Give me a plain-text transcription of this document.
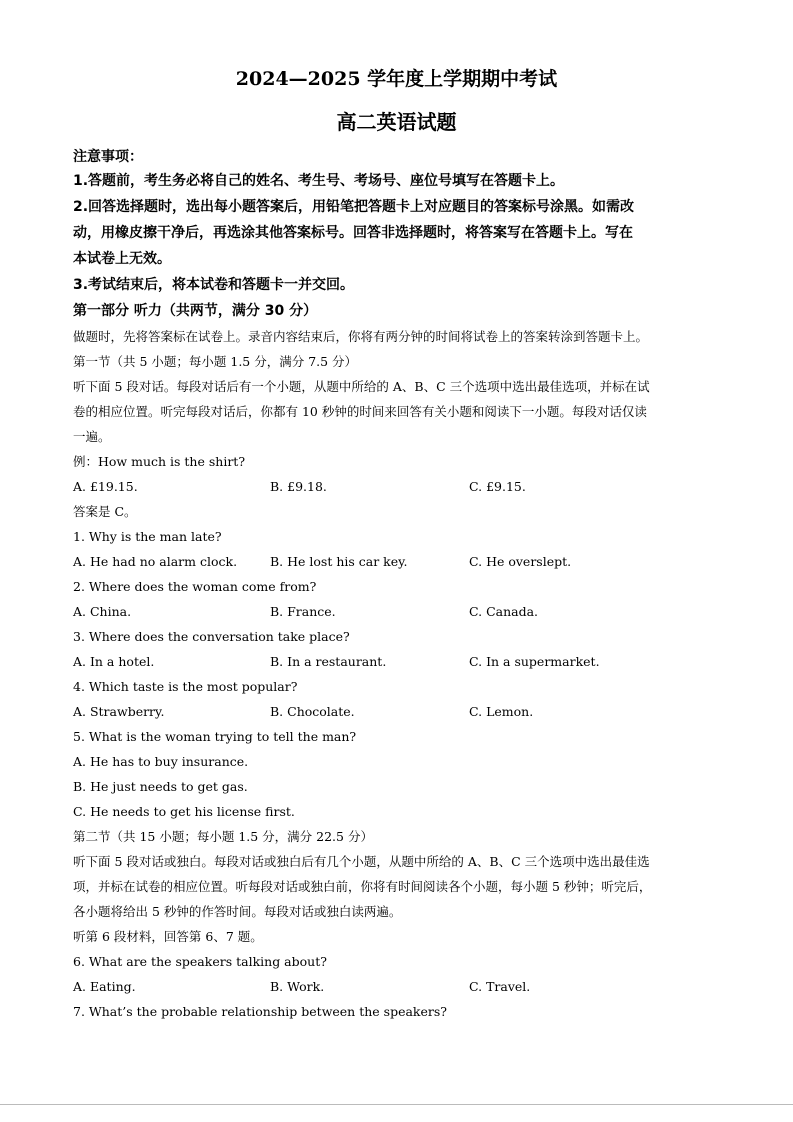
2024—2025 学年度上学期期中考试
高二英语试题
注意事项：

1.答题前，考生务必将自己的姓名、考生号、考场号、座位号填写在答题卡上。

2.回答选择题时，选出每小题答案后，用铅笔把答题卡上对应题目的答案标号涂黑。如需改

动，用橡皮擦干净后，再选涂其他答案标号。回答非选择题时，将答案写在答题卡上。写在

本试卷上无效。

3.考试结束后，将本试卷和答题卡一并交回。

第一部分 听力（共两节，满分 30 分）

做题时，先将答案标在试卷上。录音内容结束后，你将有两分钟的时间将试卷上的答案转涂到答题卡上。

第一节（共 5 小题；每小题 1.5 分，满分 7.5 分）

听下面 5 段对话。每段对话后有一个小题，从题中所给的 A、B、C 三个选项中选出最佳选项，并标在试

卷的相应位置。听完每段对话后，你都有 10 秒钟的时间来回答有关小题和阅读下一小题。每段对话仅读

一遍。

例：How much is the shirt?

A. £19.15.	B. £9.18.	C. £9.15.

答案是 C。

1. Why is the man late?

A. He had no alarm clock.	B. He lost his car key.	C. He overslept.

2. Where does the woman come from?

A. China.	B. France.	C. Canada.

3. Where does the conversation take place?

A. In a hotel.	B. In a restaurant.	C. In a supermarket.

4. Which taste is the most popular?

A. Strawberry.	B. Chocolate.	C. Lemon.

5. What is the woman trying to tell the man?

A. He has to buy insurance.

B. He just needs to get gas.

C. He needs to get his license first.

第二节（共 15 小题；每小题 1.5 分，满分 22.5 分）

听下面 5 段对话或独白。每段对话或独白后有几个小题，从题中所给的 A、B、C 三个选项中选出最佳选

项，并标在试卷的相应位置。听每段对话或独白前，你将有时间阅读各个小题，每小题 5 秒钟；听完后，

各小题将给出 5 秒钟的作答时间。每段对话或独白读两遍。

听第 6 段材料，回答第 6、7 题。

6. What are the speakers talking about?

A. Eating.	B. Work.	C. Travel.

7. What’s the probable relationship between the speakers?
